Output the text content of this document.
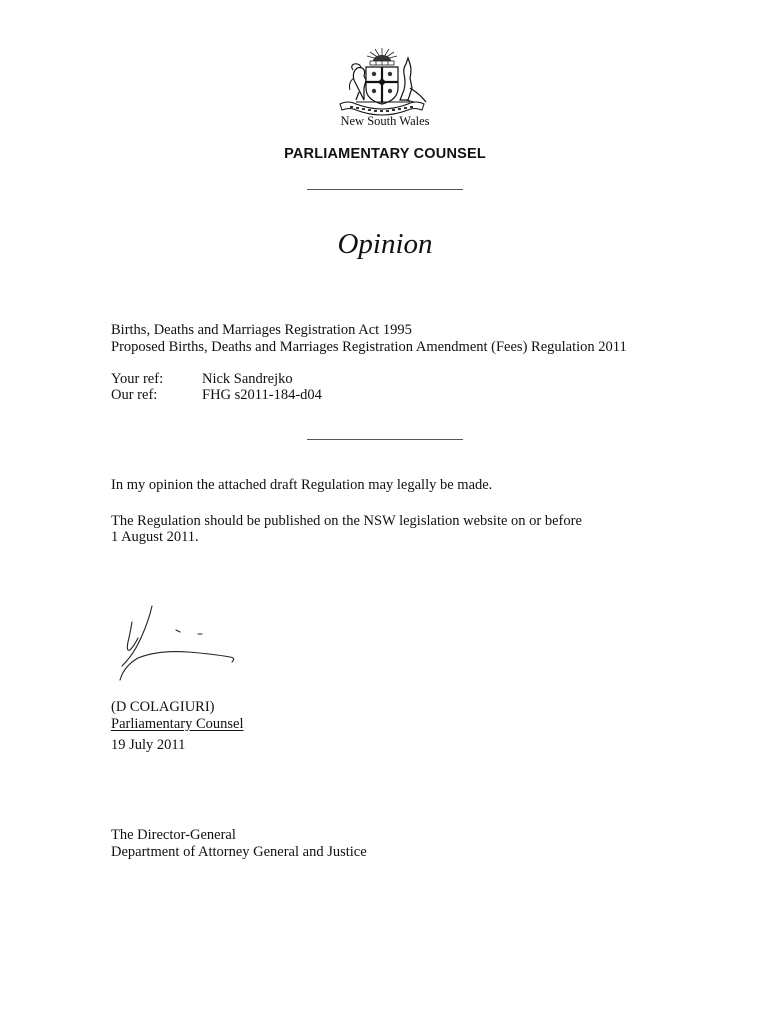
New South Wales
PARLIAMENTARY COUNSEL
Opinion
Births, Deaths and Marriages Registration Act 1995
Proposed Births, Deaths and Marriages Registration Amendment (Fees) Regulation 2011
Your ref:	Nick Sandrejko
Our ref:	FHG s2011-184-d04
In my opinion the attached draft Regulation may legally be made.
The Regulation should be published on the NSW legislation website on or before
1 August 2011.
(D COLAGIURI)
Parliamentary Counsel
19 July 2011
The Director-General
Department of Attorney General and Justice
